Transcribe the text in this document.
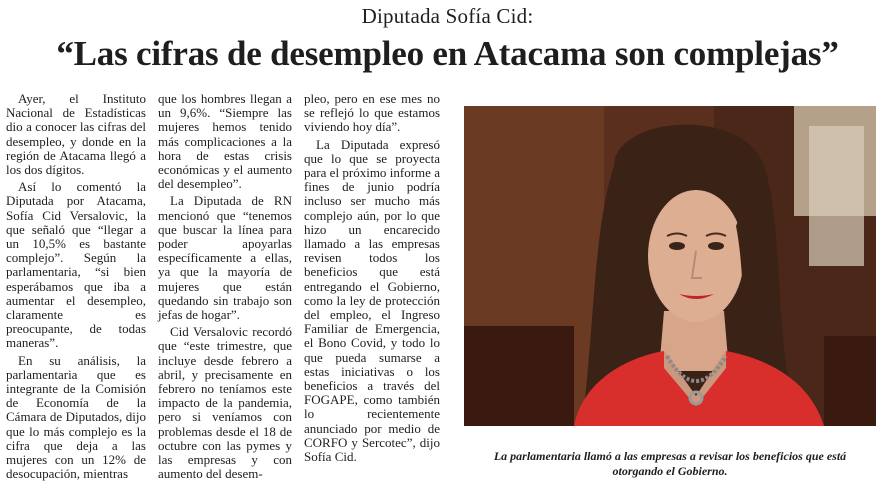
Diputada Sofía Cid:
“Las cifras de desempleo en Atacama son complejas”

Ayer, el Instituto Nacional de Estadísticas dio a conocer las cifras del desempleo, y donde en la región de Atacama llegó a los dos dígitos.

Así lo comentó la Diputada por Atacama, Sofía Cid Versalovic, la que señaló que “llegar a un 10,5% es bastante complejo”. Según la parlamentaria, “si bien esperábamos que iba a aumentar el desempleo, claramente es preocupante, de todas maneras”.

En su análisis, la parlamentaria que es integrante de la Comisión de Economía de la Cámara de Diputados, dijo que lo más complejo es la cifra que deja a las mujeres con un 12% de desocupación, mientras

que los hombres llegan a un 9,6%. “Siempre las mujeres hemos tenido más complicaciones a la hora de estas crisis económicas y el aumento del desempleo”.

La Diputada de RN mencionó que “tenemos que buscar la línea para poder apoyarlas específicamente a ellas, ya que la mayoría de mujeres que están quedando sin trabajo son jefas de hogar”.

Cid Versalovic recordó que “este trimestre, que incluye desde febrero a abril, y precisamente en febrero no teníamos este impacto de la pandemia, pero si veníamos con problemas desde el 18 de octubre con las pymes y las empresas y con aumento del desem-

pleo, pero en ese mes no se reflejó lo que estamos viviendo hoy día”.

La Diputada expresó que lo que se proyecta para el próximo informe a fines de junio podría incluso ser mucho más complejo aún, por lo que hizo un encarecido llamado a las empresas revisen todos los beneficios que está entregando el Gobierno, como la ley de protección del empleo, el Ingreso Familiar de Emergencia, el Bono Covid, y todo lo que pueda sumarse a estas iniciativas o los beneficios a través del FOGAPE, como también lo recientemente anunciado por medio de CORFO y Sercotec”, dijo Sofía Cid.	La parlamentaria llamó a las empresas a revisar los beneficios que está otorgando el Gobierno.
